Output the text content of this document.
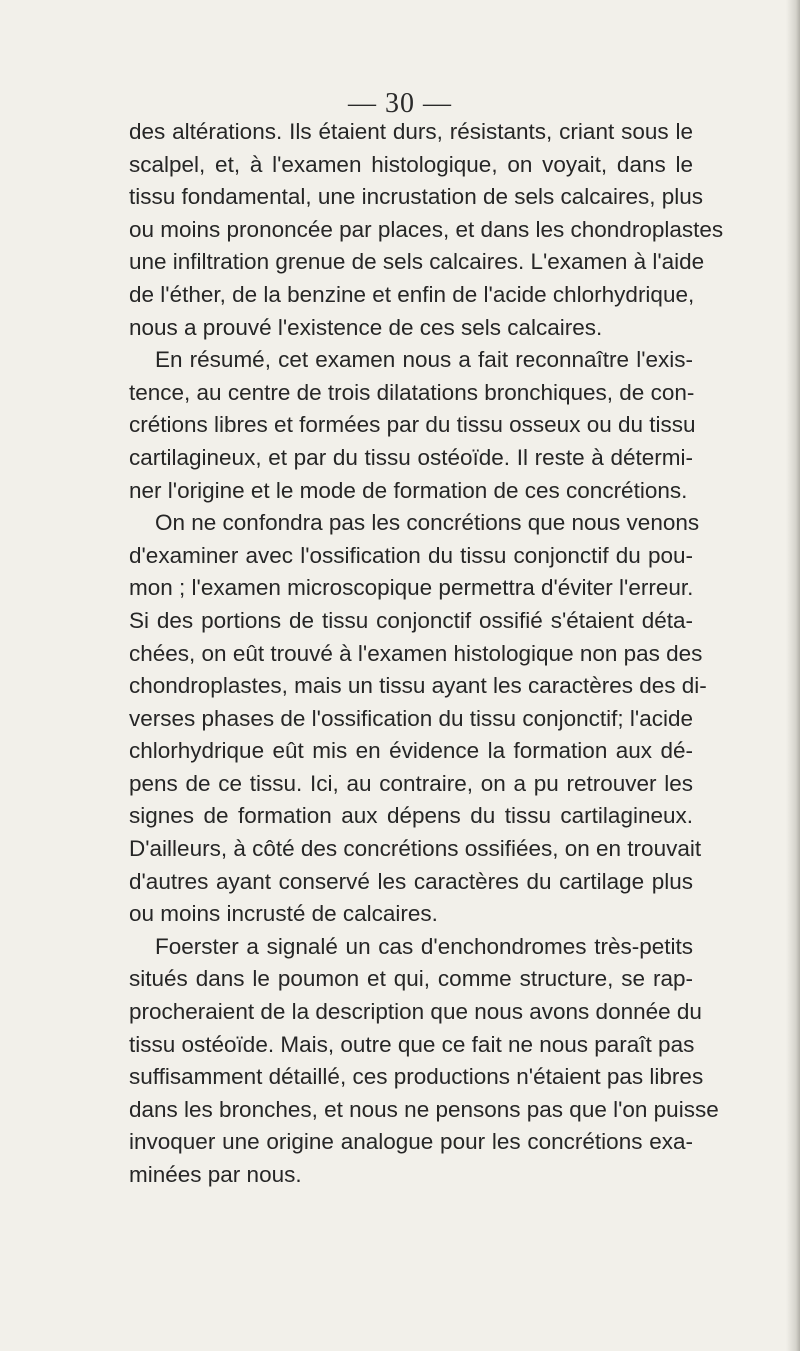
— 30 —
des altérations. Ils étaient durs, résistants, criant sous le
scalpel, et, à l'examen histologique, on voyait, dans le
tissu fondamental, une incrustation de sels calcaires, plus
ou moins prononcée par places, et dans les chondroplastes
une infiltration grenue de sels calcaires. L'examen à l'aide
de l'éther, de la benzine et enfin de l'acide chlorhydrique,
nous a prouvé l'existence de ces sels calcaires.
En résumé, cet examen nous a fait reconnaître l'exis-
tence, au centre de trois dilatations bronchiques, de con-
crétions libres et formées par du tissu osseux ou du tissu
cartilagineux, et par du tissu ostéoïde. Il reste à détermi-
ner l'origine et le mode de formation de ces concrétions.
On ne confondra pas les concrétions que nous venons
d'examiner avec l'ossification du tissu conjonctif du pou-
mon ; l'examen microscopique permettra d'éviter l'erreur.
Si des portions de tissu conjonctif ossifié s'étaient déta-
chées, on eût trouvé à l'examen histologique non pas des
chondroplastes, mais un tissu ayant les caractères des di-
verses phases de l'ossification du tissu conjonctif; l'acide
chlorhydrique eût mis en évidence la formation aux dé-
pens de ce tissu. Ici, au contraire, on a pu retrouver les
signes de formation aux dépens du tissu cartilagineux.
D'ailleurs, à côté des concrétions ossifiées, on en trouvait
d'autres ayant conservé les caractères du cartilage plus
ou moins incrusté de calcaires.
Foerster a signalé un cas d'enchondromes très-petits
situés dans le poumon et qui, comme structure, se rap-
procheraient de la description que nous avons donnée du
tissu ostéoïde. Mais, outre que ce fait ne nous paraît pas
suffisamment détaillé, ces productions n'étaient pas libres
dans les bronches, et nous ne pensons pas que l'on puisse
invoquer une origine analogue pour les concrétions exa-
minées par nous.
